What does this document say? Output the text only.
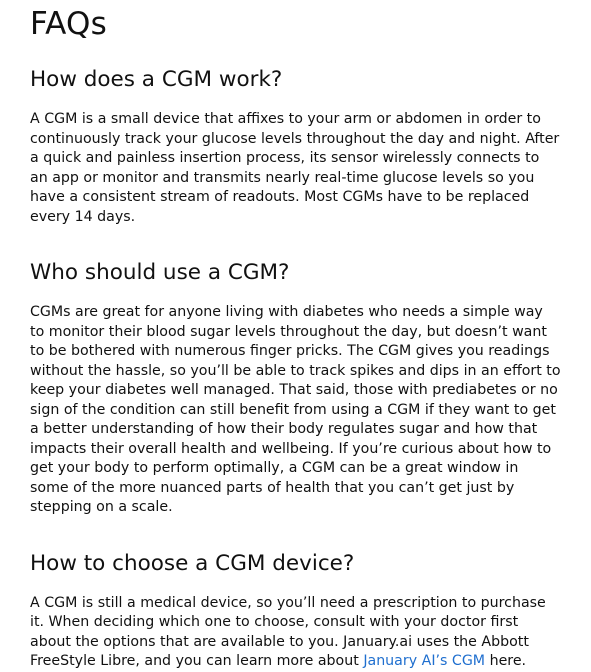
FAQs
How does a CGM work?

A CGM is a small device that affixes to your arm or abdomen in order to continuously track your glucose levels throughout the day and night. After a quick and painless insertion process, its sensor wirelessly connects to an app or monitor and transmits nearly real-time glucose levels so you have a consistent stream of readouts. Most CGMs have to be replaced every 14 days.

Who should use a CGM?

CGMs are great for anyone living with diabetes who needs a simple way to monitor their blood sugar levels throughout the day, but doesn’t want to be bothered with numerous finger pricks. The CGM gives you readings without the hassle, so you’ll be able to track spikes and dips in an effort to keep your diabetes well managed. That said, those with prediabetes or no sign of the condition can still benefit from using a CGM if they want to get a better understanding of how their body regulates sugar and how that impacts their overall health and wellbeing. If you’re curious about how to get your body to perform optimally, a CGM can be a great window in some of the more nuanced parts of health that you can’t get just by stepping on a scale.

How to choose a CGM device?

A CGM is still a medical device, so you’ll need a prescription to purchase it. When deciding which one to choose, consult with your doctor first about the options that are available to you. January.ai uses the Abbott FreeStyle Libre, and you can learn more about January AI’s CGM here.
